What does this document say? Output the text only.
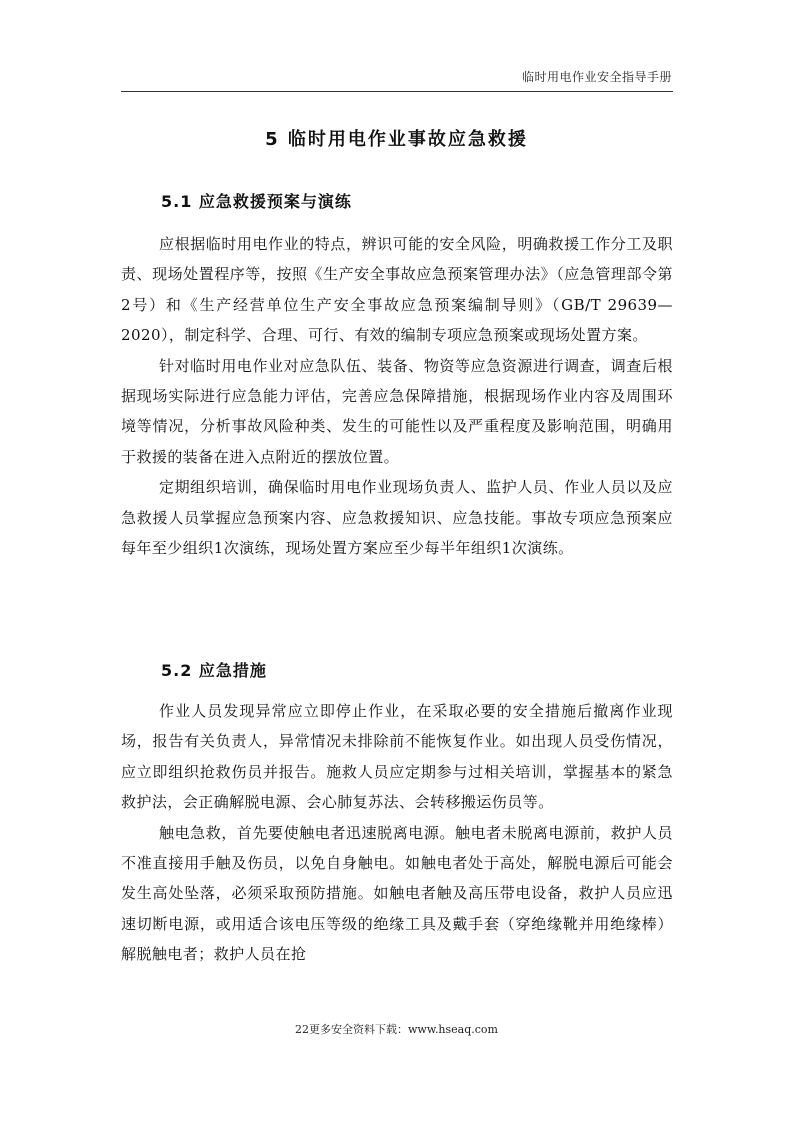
临时用电作业安全指导手册
5 临时用电作业事故应急救援
5.1 应急救援预案与演练

应根据临时用电作业的特点，辨识可能的安全风险，明确救援工作分工及职责、现场处置程序等，按照《生产安全事故应急预案管理办法》（应急管理部令第2号）和《生产经营单位生产安全事故应急预案编制导则》（GB/T 29639—2020），制定科学、合理、可行、有效的编制专项应急预案或现场处置方案。

针对临时用电作业对应急队伍、装备、物资等应急资源进行调查，调查后根据现场实际进行应急能力评估，完善应急保障措施，根据现场作业内容及周围环境等情况，分析事故风险种类、发生的可能性以及严重程度及影响范围，明确用于救援的装备在进入点附近的摆放位置。

定期组织培训，确保临时用电作业现场负责人、监护人员、作业人员以及应急救援人员掌握应急预案内容、应急救援知识、应急技能。事故专项应急预案应每年至少组织1次演练，现场处置方案应至少每半年组织1次演练。

5.2 应急措施

作业人员发现异常应立即停止作业，在采取必要的安全措施后撤离作业现场，报告有关负责人，异常情况未排除前不能恢复作业。如出现人员受伤情况，应立即组织抢救伤员并报告。施救人员应定期参与过相关培训，掌握基本的紧急救护法，会正确解脱电源、会心肺复苏法、会转移搬运伤员等。

触电急救，首先要使触电者迅速脱离电源。触电者未脱离电源前，救护人员不准直接用手触及伤员，以免自身触电。如触电者处于高处，解脱电源后可能会发生高处坠落，必须采取预防措施。如触电者触及高压带电设备，救护人员应迅速切断电源，或用适合该电压等级的绝缘工具及戴手套（穿绝缘靴并用绝缘棒）解脱触电者；救护人员在抢

22更多安全资料下载：www.hseaq.com
